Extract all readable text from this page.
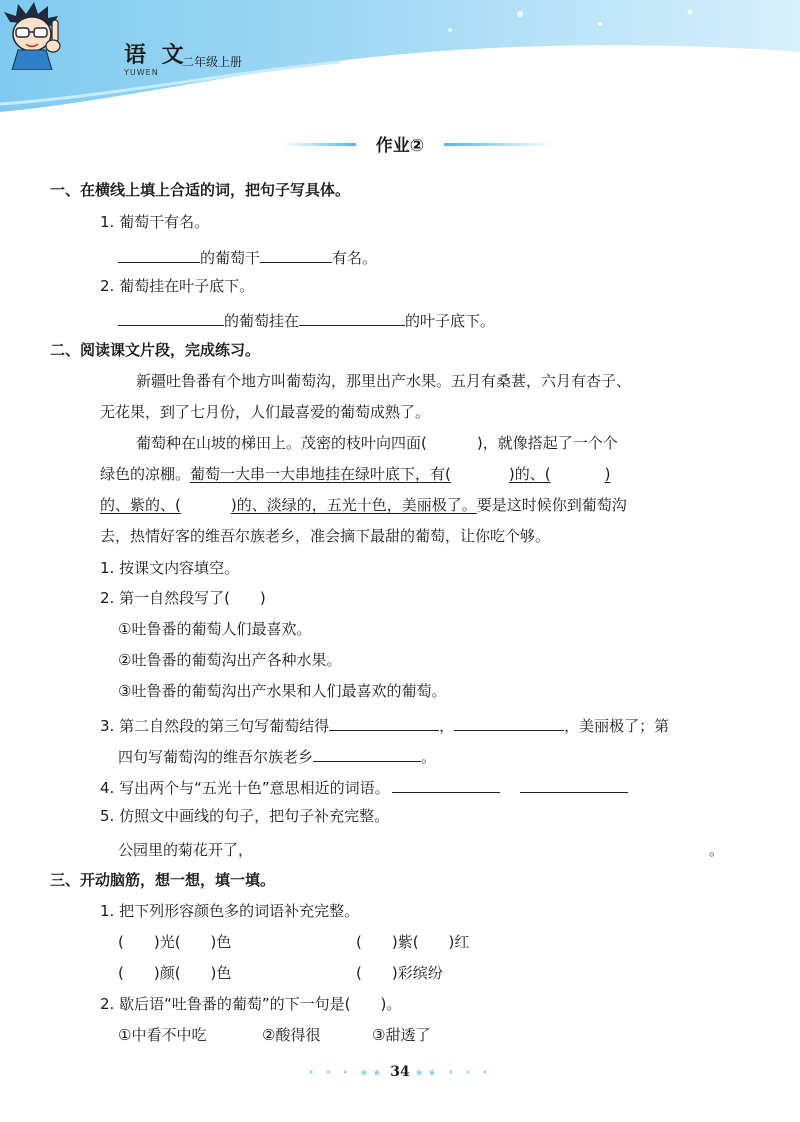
语 文
YUWEN
二年级上册
作业②
一、在横线上填上合适的词，把句子写具体。
1. 葡萄干有名。
的葡萄干	有名。
2. 葡萄挂在叶子底下。
的葡萄挂在	的叶子底下。
二、阅读课文片段，完成练习。
新疆吐鲁番有个地方叫葡萄沟，那里出产水果。五月有桑葚，六月有杏子、
无花果，到了七月份，人们最喜爱的葡萄成熟了。
葡萄种在山坡的梯田上。茂密的枝叶向四面(	)，就像搭起了一个个
绿色的凉棚。葡萄一大串一大串地挂在绿叶底下，有(	)的、(	)
的、紫的、(	)的、淡绿的，五光十色，美丽极了。要是这时候你到葡萄沟
去，热情好客的维吾尔族老乡，准会摘下最甜的葡萄，让你吃个够。
1. 按课文内容填空。
2. 第一自然段写了(　　)
①吐鲁番的葡萄人们最喜欢。
②吐鲁番的葡萄沟出产各种水果。
③吐鲁番的葡萄沟出产水果和人们最喜欢的葡萄。
3. 第二自然段的第三句写葡萄结得	，	，美丽极了；第
四句写葡萄沟的维吾尔族老乡	。
4. 写出两个与“五光十色”意思相近的词语。
5. 仿照文中画线的句子，把句子补充完整。
公园里的菊花开了，	。
三、开动脑筋，想一想，填一填。
1. 把下列形容颜色多的词语补充完整。
(　　)光(　　)色	(　　)紫(　　)红
(　　)颜(　　)色	(　　)彩缤纷
2. 歇后语“吐鲁番的葡萄”的下一句是(　　)。
①中看不中吃	②酸得很	③甜透了
• • • ★★ 34 ★★ • • •
